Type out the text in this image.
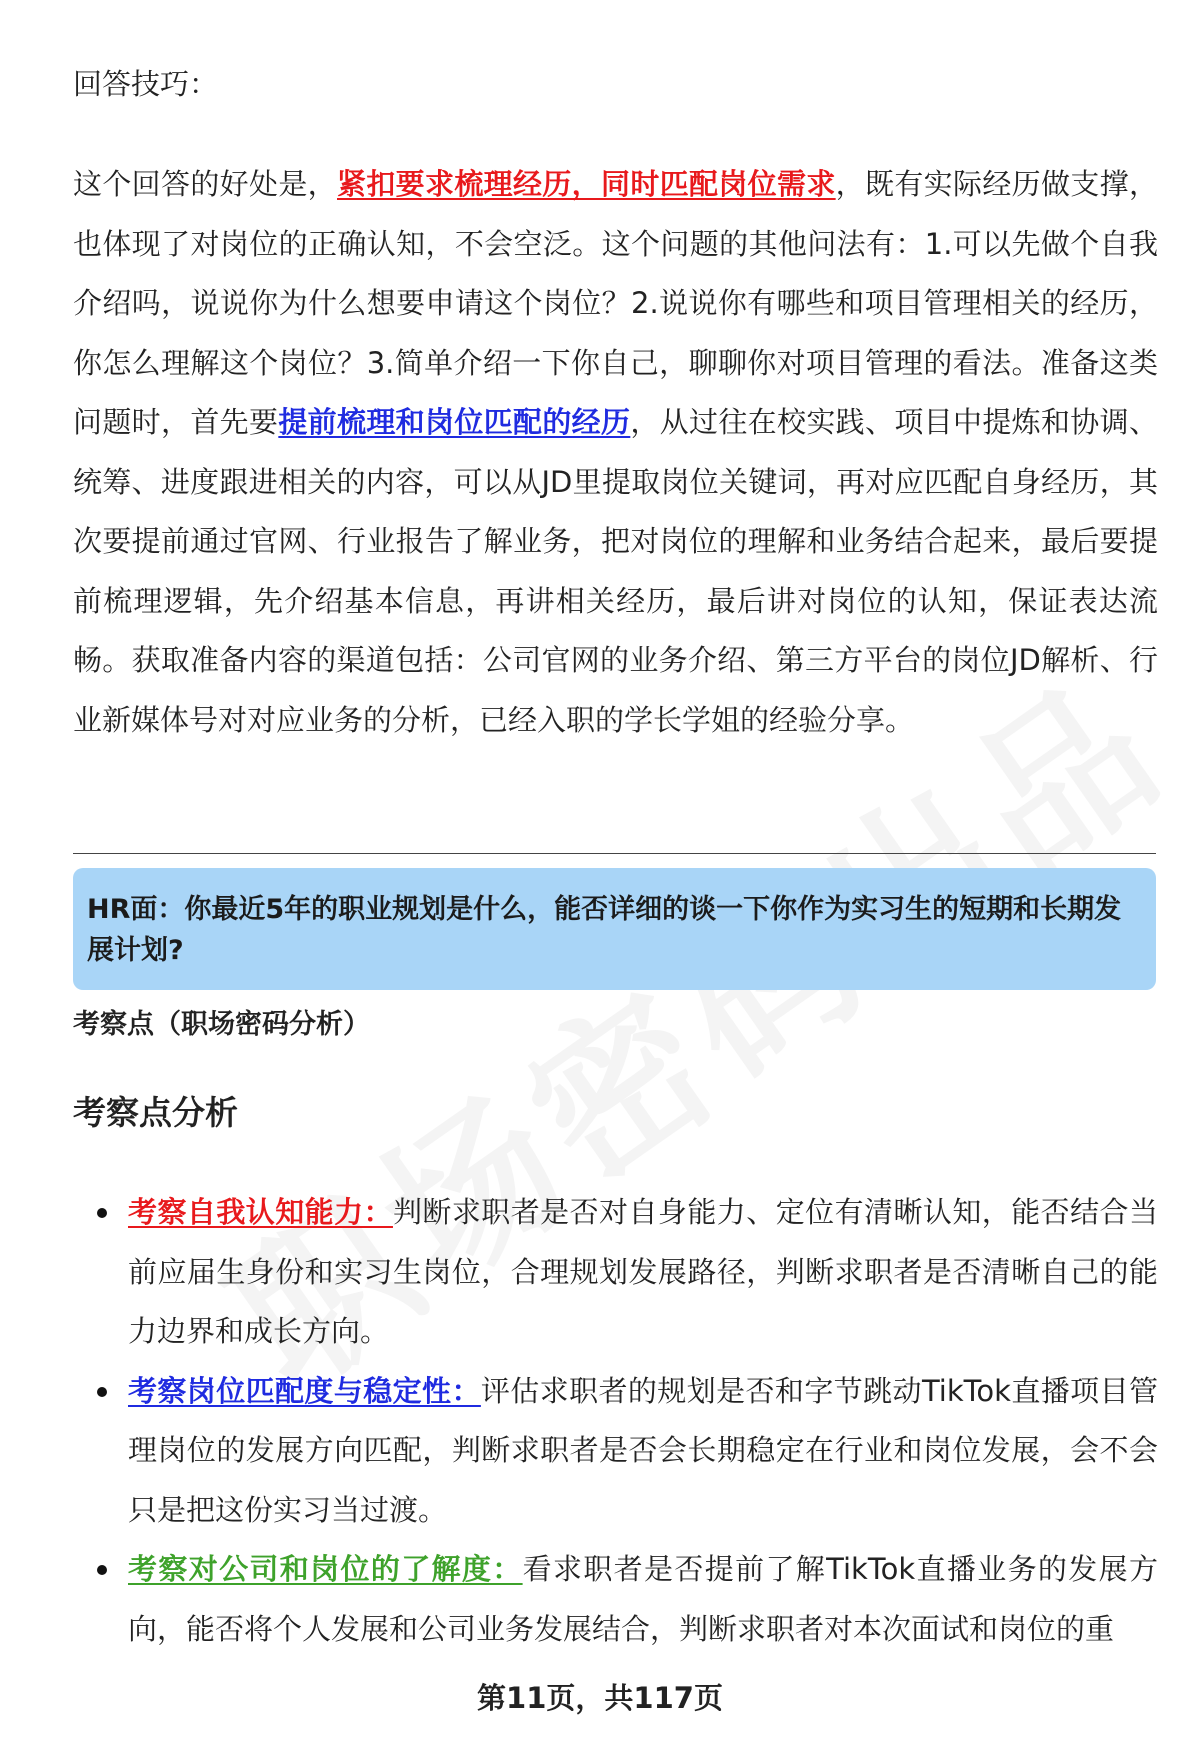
回答技巧：
这个回答的好处是，紧扣要求梳理经历，同时匹配岗位需求，既有实际经历做支撑，也体现了对岗位的正确认知，不会空泛。这个问题的其他问法有：1.可以先做个自我介绍吗，说说你为什么想要申请这个岗位？2.说说你有哪些和项目管理相关的经历，你怎么理解这个岗位？3.简单介绍一下你自己，聊聊你对项目管理的看法。准备这类问题时，首先要提前梳理和岗位匹配的经历，从过往在校实践、项目中提炼和协调、统筹、进度跟进相关的内容，可以从JD里提取岗位关键词，再对应匹配自身经历，其次要提前通过官网、行业报告了解业务，把对岗位的理解和业务结合起来，最后要提前梳理逻辑，先介绍基本信息，再讲相关经历，最后讲对岗位的认知，保证表达流畅。获取准备内容的渠道包括：公司官网的业务介绍、第三方平台的岗位JD解析、行业新媒体号对对应业务的分析，已经入职的学长学姐的经验分享。
HR面：你最近5年的职业规划是什么，能否详细的谈一下你作为实习生的短期和长期发展计划?
考察点（职场密码分析）
考察点分析
考察自我认知能力：判断求职者是否对自身能力、定位有清晰认知，能否结合当前应届生身份和实习生岗位，合理规划发展路径，判断求职者是否清晰自己的能力边界和成长方向。
考察岗位匹配度与稳定性：评估求职者的规划是否和字节跳动TikTok直播项目管理岗位的发展方向匹配，判断求职者是否会长期稳定在行业和岗位发展，会不会只是把这份实习当过渡。
考察对公司和岗位的了解度：看求职者是否提前了解TikTok直播业务的发展方向，能否将个人发展和公司业务发展结合，判断求职者对本次面试和岗位的重
第11页，共117页
